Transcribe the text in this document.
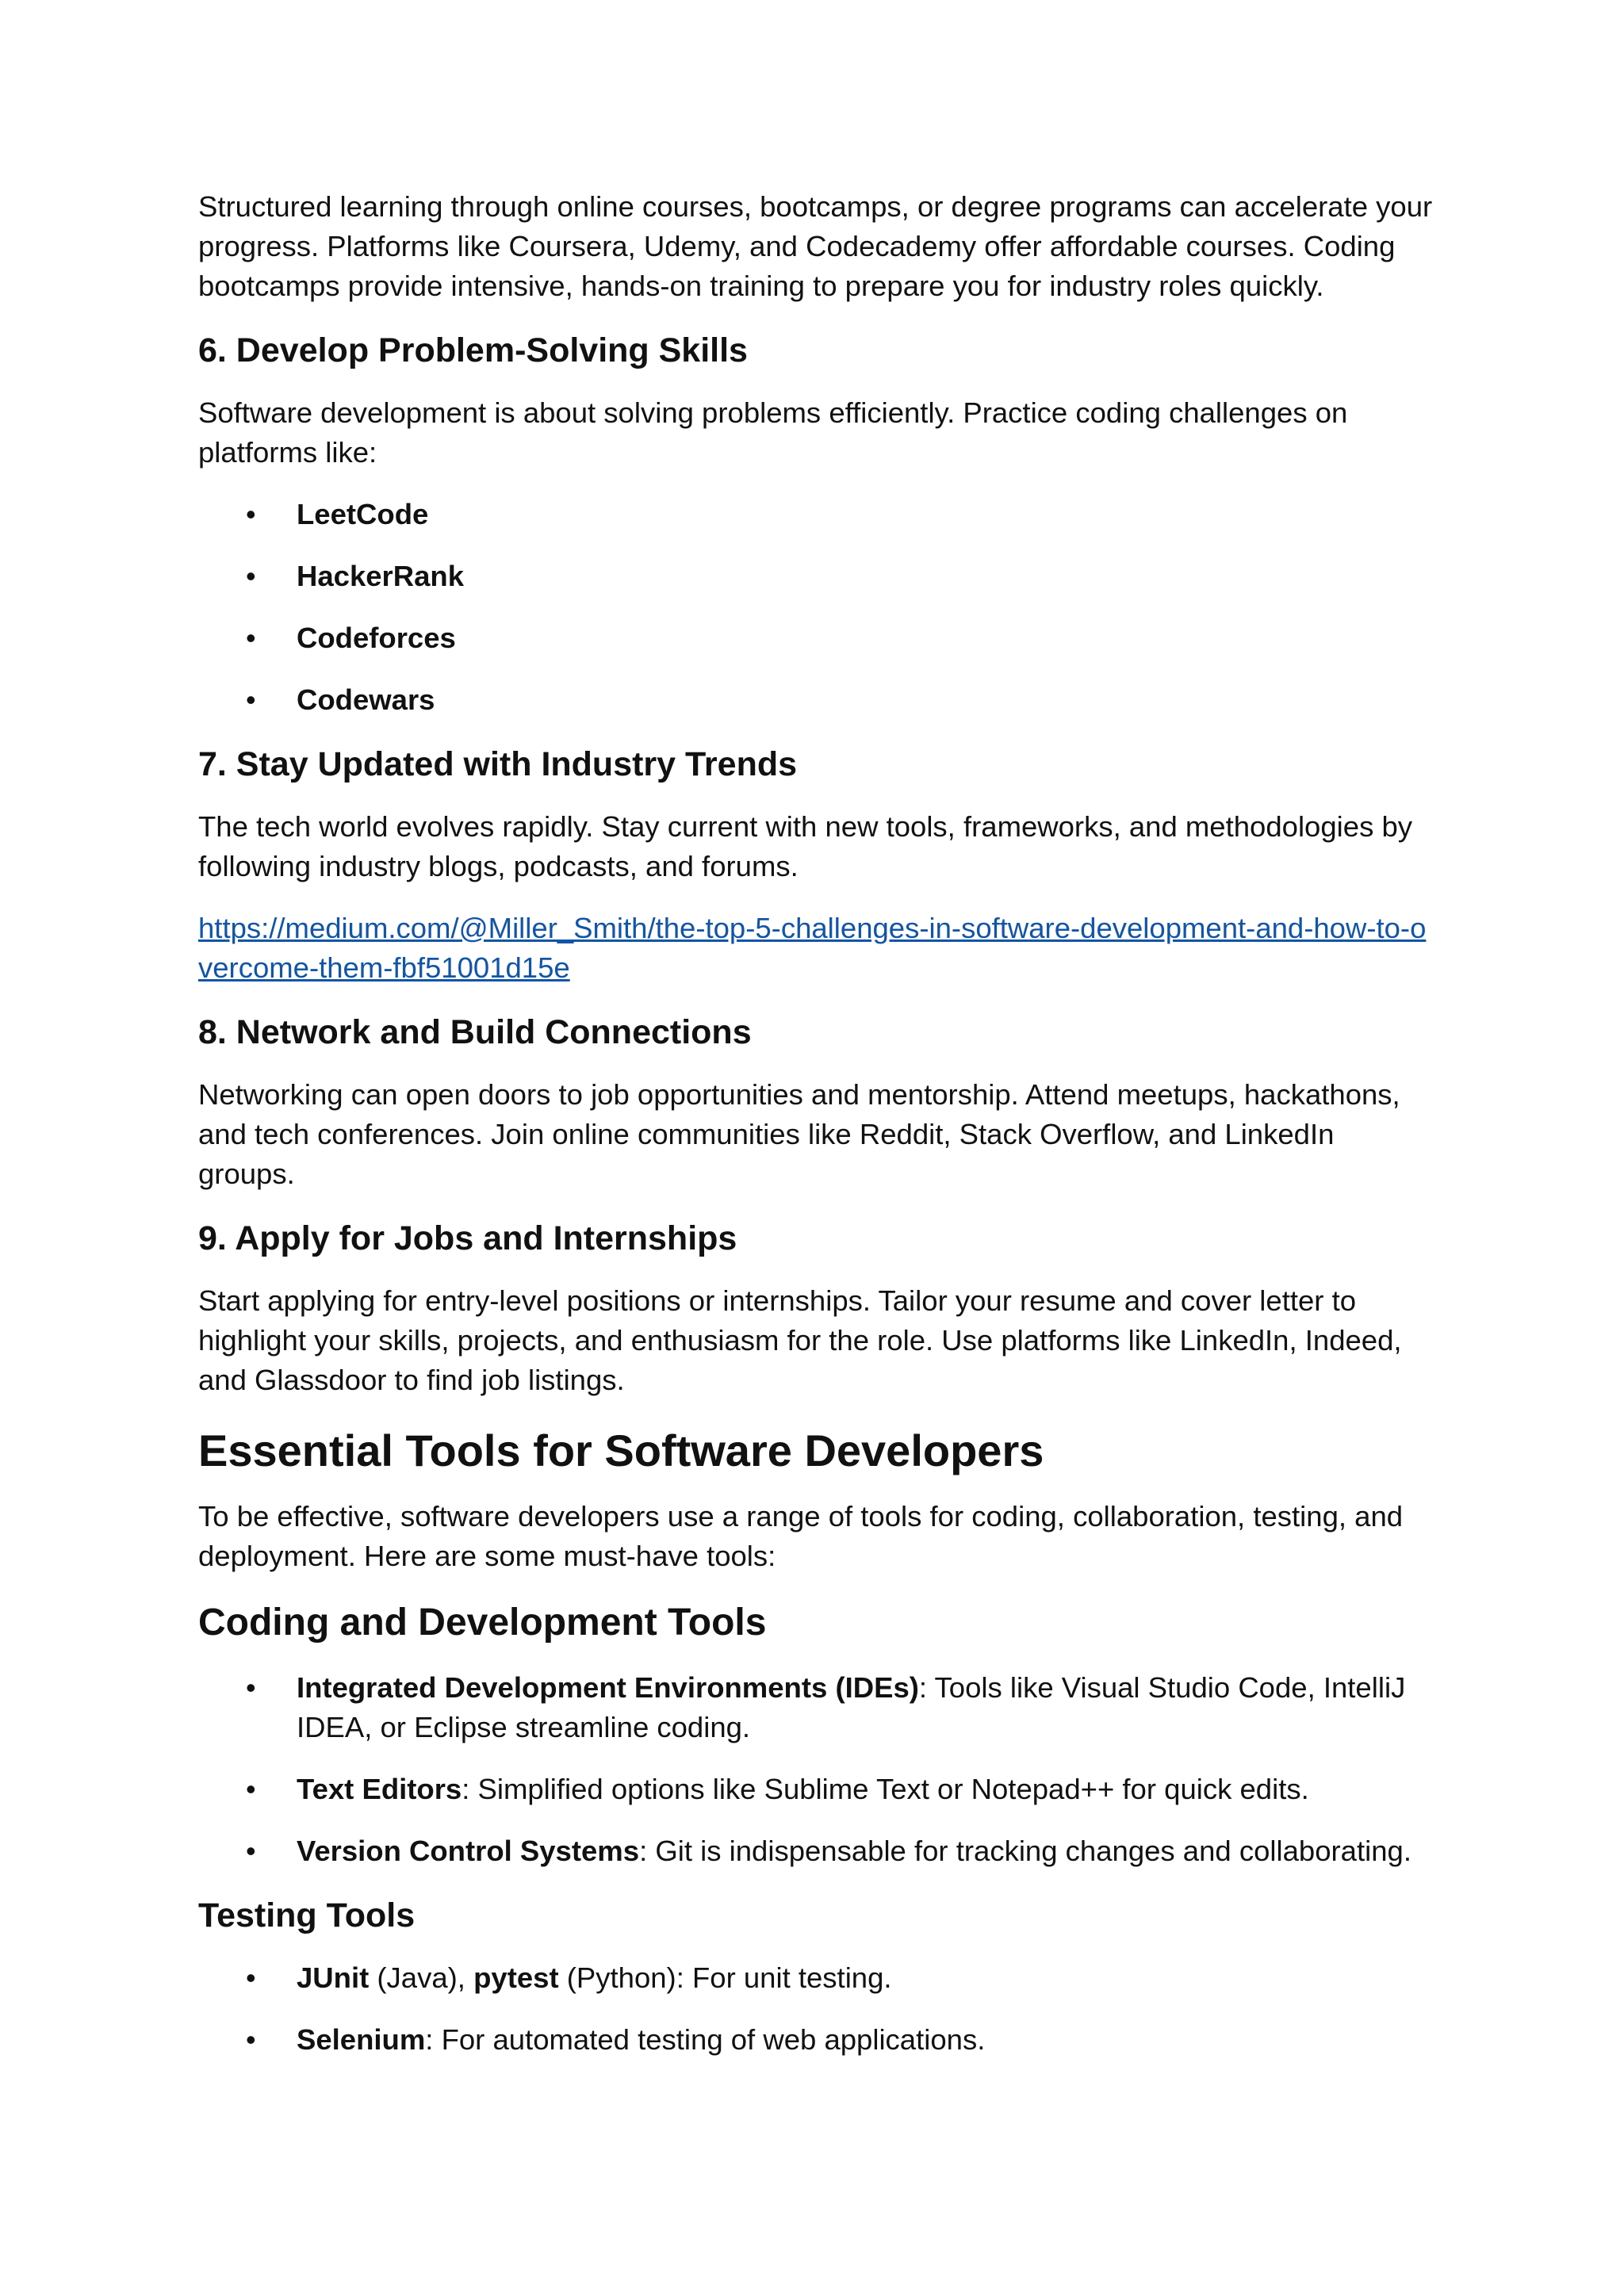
Structured learning through online courses, bootcamps, or degree programs can accelerate your progress. Platforms like Coursera, Udemy, and Codecademy offer affordable courses. Coding bootcamps provide intensive, hands-on training to prepare you for industry roles quickly.

6. Develop Problem-Solving Skills

Software development is about solving problems efficiently. Practice coding challenges on platforms like:

• LeetCode
• HackerRank
• Codeforces
• Codewars
7. Stay Updated with Industry Trends

The tech world evolves rapidly. Stay current with new tools, frameworks, and methodologies by following industry blogs, podcasts, and forums.

https://medium.com/@Miller_Smith/the-top-5-challenges-in-software-development-and-how-to-overcome-them-fbf51001d15e

8. Network and Build Connections

Networking can open doors to job opportunities and mentorship. Attend meetups, hackathons, and tech conferences. Join online communities like Reddit, Stack Overflow, and LinkedIn groups.

9. Apply for Jobs and Internships

Start applying for entry-level positions or internships. Tailor your resume and cover letter to highlight your skills, projects, and enthusiasm for the role. Use platforms like LinkedIn, Indeed, and Glassdoor to find job listings.

Essential Tools for Software Developers

To be effective, software developers use a range of tools for coding, collaboration, testing, and deployment. Here are some must-have tools:

Coding and Development Tools
• Integrated Development Environments (IDEs): Tools like Visual Studio Code, IntelliJ IDEA, or Eclipse streamline coding.
• Text Editors: Simplified options like Sublime Text or Notepad++ for quick edits.
• Version Control Systems: Git is indispensable for tracking changes and collaborating.
Testing Tools
• JUnit (Java), pytest (Python): For unit testing.
• Selenium: For automated testing of web applications.
